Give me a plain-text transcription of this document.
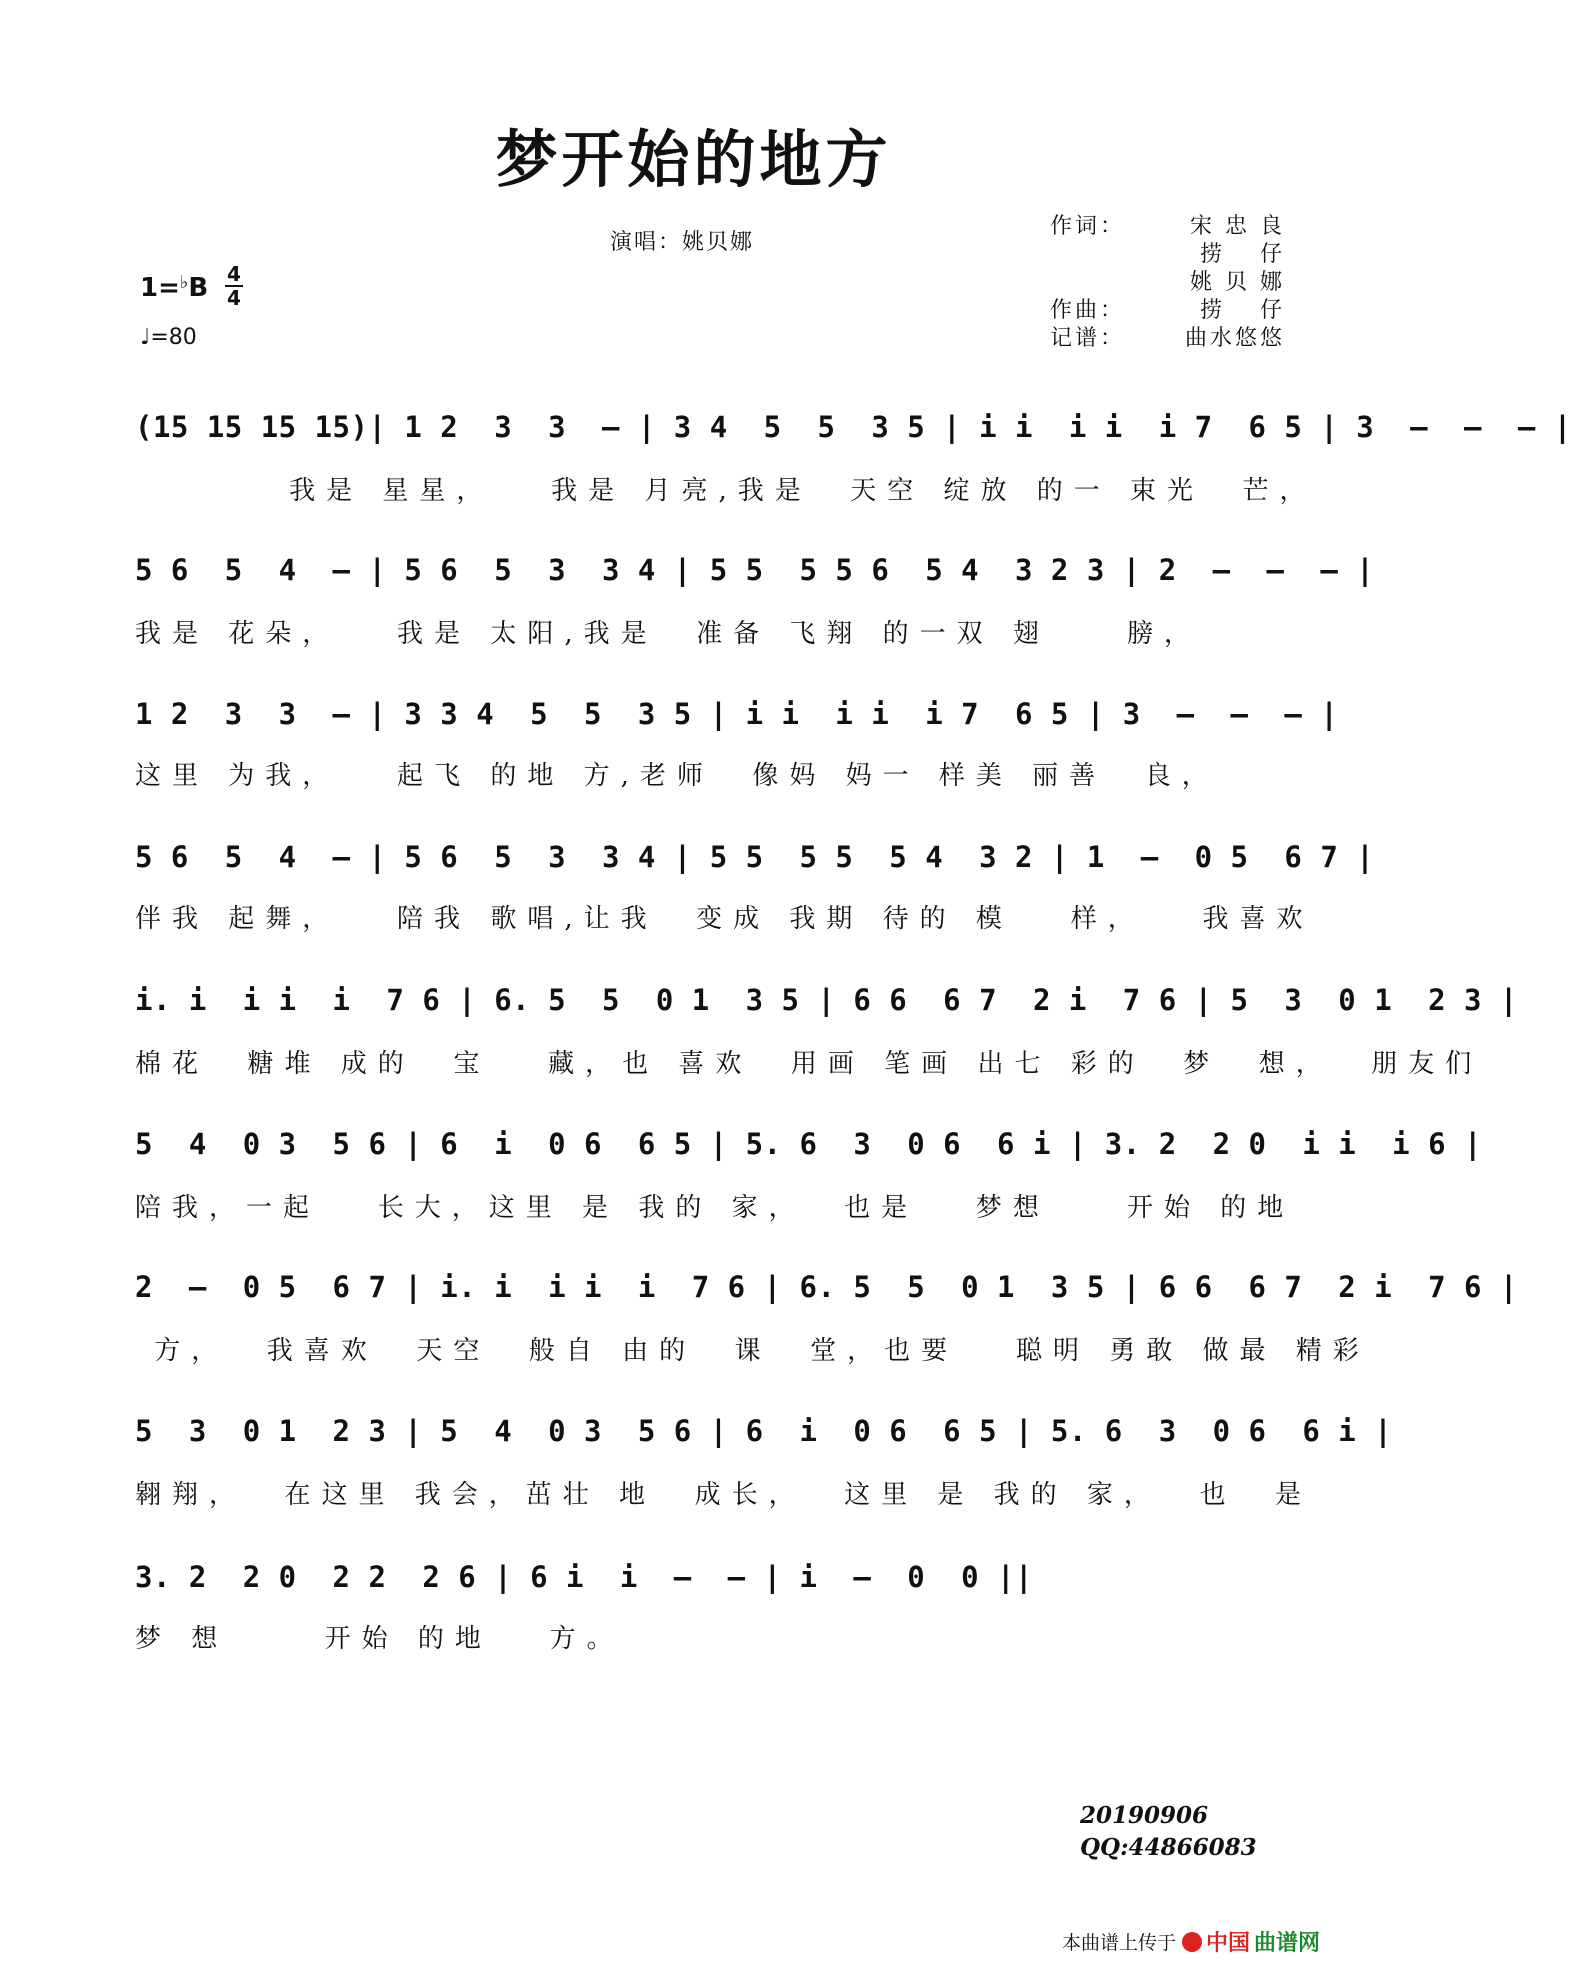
梦开始的地方
演唱：姚贝娜
作词：	宋 忠 良
捞　 仔
姚 贝 娜
作曲：	捞　 仔
记谱：	曲水悠悠
1=♭B 4
4
♩=80
(15 15 15 15)| 1 2  3  3  – | 3 4  5  5  3 5 | i i  i i  i 7  6 5 | 3  –  –  – |
我是 星星，   我是 月亮,我是  天空 绽放 的一 束光  芒，
5 6  5  4  – | 5 6  5  3  3 4 | 5 5  5 5 6  5 4  3 2 3 | 2  –  –  – |
我是 花朵，   我是 太阳,我是  准备 飞翔 的一双 翅    膀，
1 2  3  3  – | 3 3 4  5  5  3 5 | i i  i i  i 7  6 5 | 3  –  –  – |
这里 为我，   起飞 的地 方,老师  像妈 妈一 样美 丽善  良，
5 6  5  4  – | 5 6  5  3  3 4 | 5 5  5 5  5 4  3 2 | 1  –  0 5  6 7 |
伴我 起舞，   陪我 歌唱,让我  变成 我期 待的 模   样，   我喜欢
i. i  i i  i  7 6 | 6. 5  5  0 1  3 5 | 6 6  6 7  2 i  7 6 | 5  3  0 1  2 3 |
棉花  糖堆 成的  宝   藏，也 喜欢  用画 笔画 出七 彩的  梦  想，  朋友们
5  4  0 3  5 6 | 6  i  0 6  6 5 | 5. 6  3  0 6  6 i | 3. 2  2 0  i i  i 6 |
陪我，一起   长大，这里 是 我的 家，  也是   梦想    开始 的地
2  –  0 5  6 7 | i. i  i i  i  7 6 | 6. 5  5  0 1  3 5 | 6 6  6 7  2 i  7 6 |
方，  我喜欢  天空  般自 由的  课  堂，也要   聪明 勇敢 做最 精彩
5  3  0 1  2 3 | 5  4  0 3  5 6 | 6  i  0 6  6 5 | 5. 6  3  0 6  6 i |
翱翔，  在这里 我会，茁壮 地  成长，  这里 是 我的 家，  也  是
3. 2  2 0  2 2  2 6 | 6 i  i  –  – | i  –  0  0 ||
梦 想     开始 的地   方。
20190906
QQ:44866083
本曲谱上传于 中国 曲谱网
